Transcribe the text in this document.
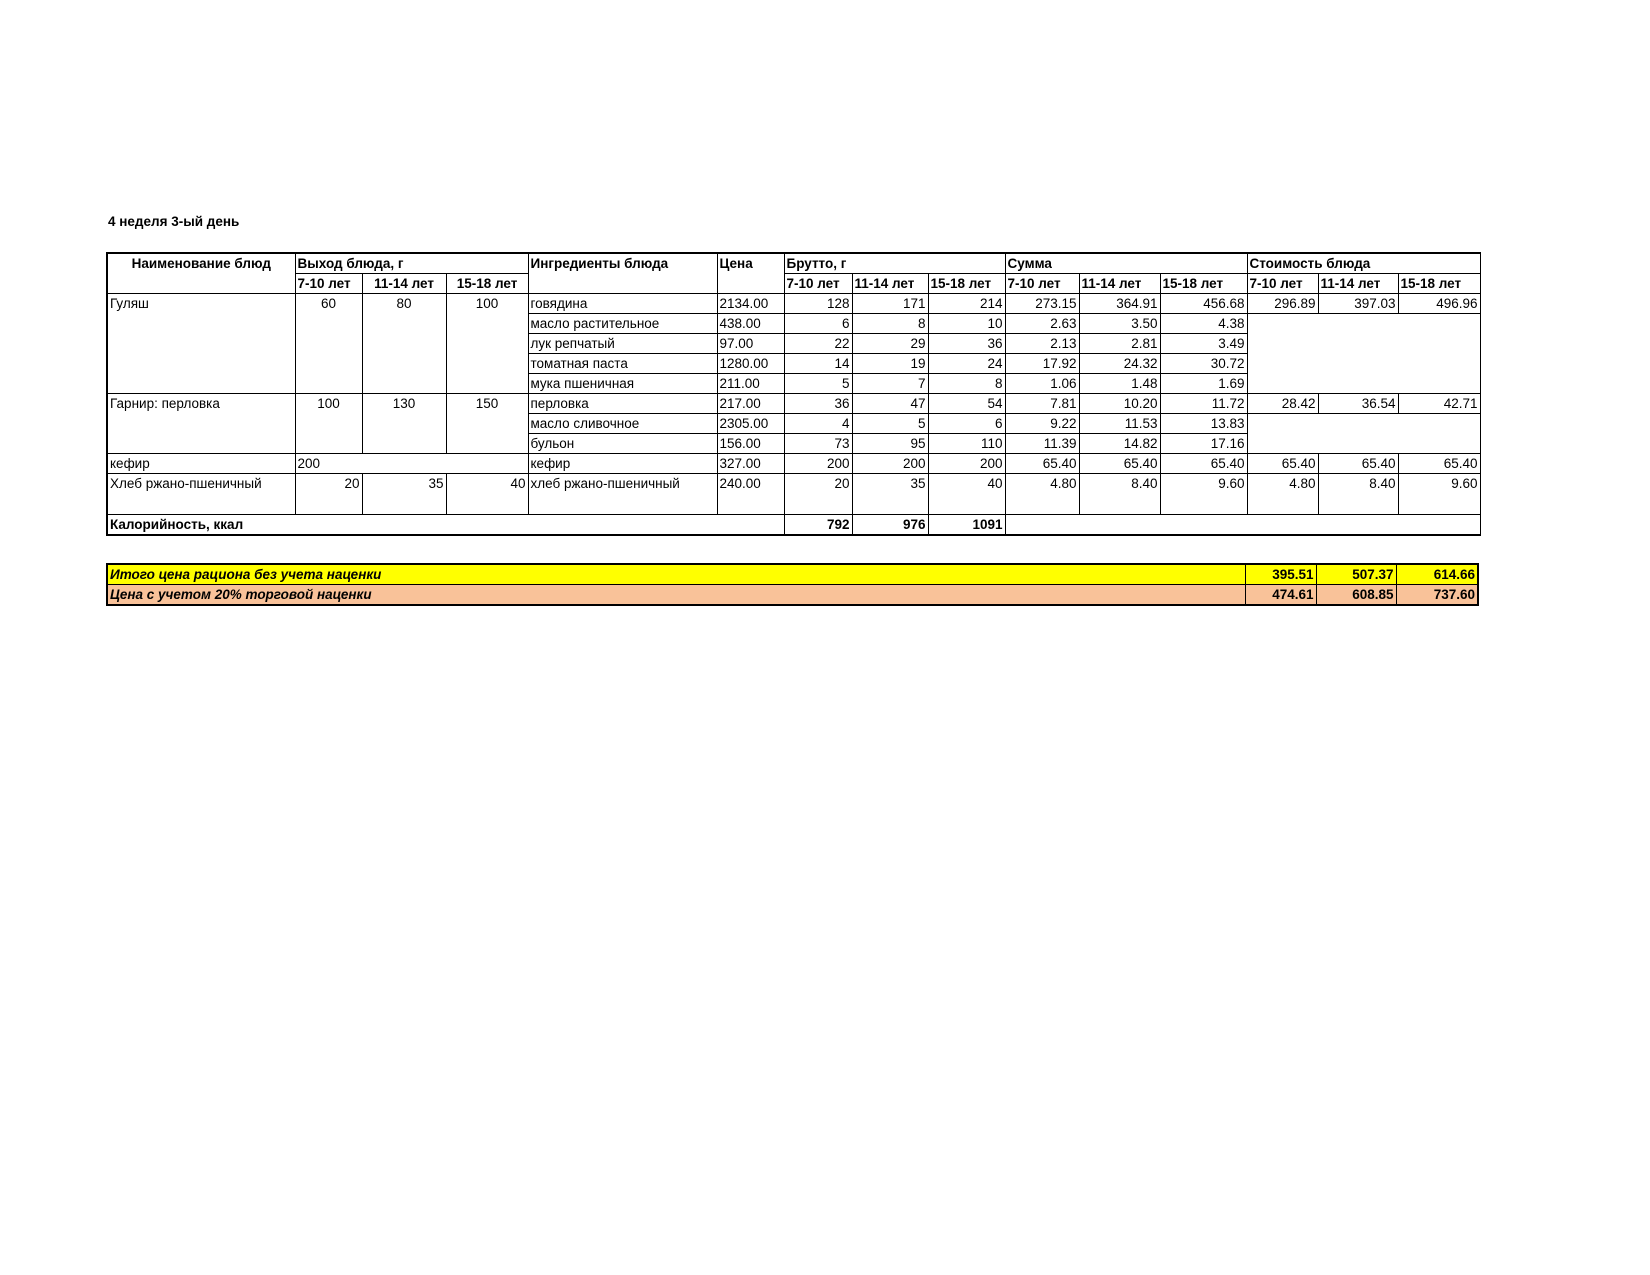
4 неделя 3-ый день
Наименование блюд	Выход блюда, г			Ингредиенты блюда	Цена	Брутто, г			Сумма			Стоимость блюда		
	7-10 лет	11-14 лет	15-18 лет			7-10 лет	11-14 лет	15-18 лет	7-10 лет	11-14 лет	15-18 лет	7-10 лет	11-14 лет	15-18 лет
Гуляш	60	80	100	говядина	2134.00	128	171	214	273.15	364.91	456.68	296.89	397.03	496.96
				масло растительное	438.00	6	8	10	2.63	3.50	4.38			
				лук репчатый	97.00	22	29	36	2.13	2.81	3.49			
				томатная паста	1280.00	14	19	24	17.92	24.32	30.72			
				мука пшеничная	211.00	5	7	8	1.06	1.48	1.69			
Гарнир: перловка	100	130	150	перловка	217.00	36	47	54	7.81	10.20	11.72	28.42	36.54	42.71
				масло сливочное	2305.00	4	5	6	9.22	11.53	13.83			
				бульон	156.00	73	95	110	11.39	14.82	17.16			
кефир	200			кефир	327.00	200	200	200	65.40	65.40	65.40	65.40	65.40	65.40
Хлеб ржано-пшеничный	20	35	40	хлеб ржано-пшеничный	240.00	20	35	40	4.80	8.40	9.60	4.80	8.40	9.60
Калорийность, ккал						792	976	1091						
Итого цена рациона без учета наценки	395.51	507.37	614.66
Цена с учетом 20% торговой наценки	474.61	608.85	737.60
